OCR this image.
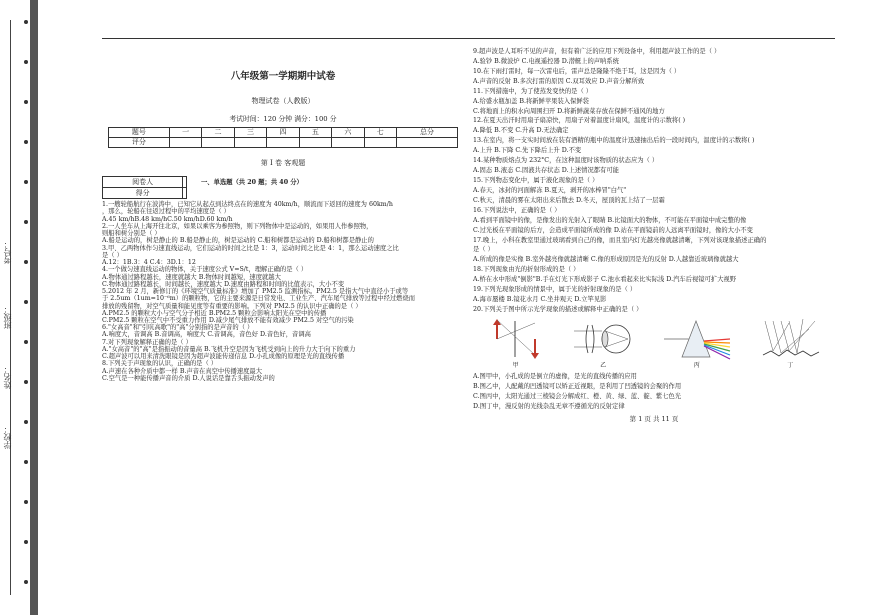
学校：
姓名：
班级：
考号：
八年级第一学期期中试卷
物理试卷（人教版）
考试时间：120 分钟 满分：100 分
题号	一	二	三	四	五	六	七	总分
评分								
第 I 卷 客观题
阅卷人	
得分	
一、单选题（共 20 题；共 40 分）
1.一艘轮船航行在波涛中，已知它从起点到达终点在的速度为 40km/h，顺流而下返回的速度为 60km/h
，那么，轮船在往返过程中的平均速度是（ ）
A.45 km/hB.48 km/hC.50 km/hD.60 km/h
2.一人坐车从上海开往北京，如果以乘客为参照物，则下列物体中是运动的，如果用人作参照物，
则船和树分别是（ ）
A.船是运动的，树是静止的 B.船是静止的，树是运动的 C.船和树都是运动的 D.船和树都是静止的
3.甲、乙两物体作匀速直线运动，它们运动的时间之比是 1：3，运动时间之比是 4：1，那么运动速度之比
是（ ）
A.12：1B.3：4 C.4：3D.1：12
4.一个做匀速直线运动的物体，关于速度公式 V=S/t，理解正确的是（ ）
A.物体通过路程越长，速度就越大 B.物体时间越短，速度就越大
C.物体通过路程越长，时间越长，速度越大 D.速度由路程和时间的比值表示，大小不变
5.2012 年 2 月，新修订的《环境空气质量标准》增加了 PM2.5 监测指标。PM2.5 是指大气中直径小于或等
于 2.5um（1um=10⁻⁶m）的颗粒物，它的主要来源是日常发电、工业生产、汽车尾气排放等过程中经过燃烧而
排放的残留物，对空气质量和能见度等有重要的影响。下列对 PM2.5 的认识中正确的是（ ）
A.PM2.5 的颗粒大小与空气分子相近 B.PM2.5 颗粒会影响太阳光在空中的传播
C.PM2.5 颗粒在空气中不受重力作用 D.减少尾气排放不能有效减少 PM2.5 对空气的污染
6."女高音"和"引吭高歌"的"高"分别指的是声音的（ ）
A.响度大，音调高 B.音调高，响度大 C.音调高，音色好 D.音色好，音调高
7.对下列现象解释正确的是（ ）
A."女高音"的"高"是指振动的音量高 B.飞机升空是因为飞机受到向上的升力大于向下的重力
C.超声波可以用来清洗眼镜是因为超声波能传递信息 D.小孔成像的原理是光的直线传播
8.下列关于声现象的认识，正确的是（ ）
A.声速在各种介质中都一样 B.声音在真空中传播速度最大
C.空气是一种能传播声音的介质 D.人说话是靠舌头振动发声的
9.超声波是人耳听不见的声音，但有着广泛的应用下列设备中，利用超声波工作的是（ ）
A.验钞 B.微波炉 C.电视遥控器 D.潜艇上的声呐系统
10.在下雨打雷时，每一次雷电后，雷声总是隆隆不绝于耳，这是因为（ ）
A.声音的反射 B.多次打雷的原因 C.双耳效应 D.声音分解所致
11.下列措施中，为了使蒸发变快的是（ ）
A.给盛水瓶加盖 B.将新鲜苹果装入保鲜袋
C.将地面上的积水向周围扫开 D.将新鲜蔬菜存放在保鲜不通风的地方
12.在夏天出汗时用扇子扇凉快，用扇子对着温度计扇风，温度计的示数将( )
A.降低 B.不变 C.升高 D.无法确定
13.在室内，将一支实时间放在装有酒精的瓶中的温度计迅速抽出后的一段时间内，温度计的示数将( )
A.上升 B.下降 C.先下降后上升 D.不变
14.某种物质熔点为 232°C，在这种温度时该物质的状态应为（ ）
A.固态 B.液态 C.固液共存状态 D.上述情况都有可能
15.下列物态变化中，属于液化现象的是（ ）
A.春天，冰封的河面解冻 B.夏天，剥开的冰棒冒"白气"
C.秋天，清晨的雾在太阳出来后散去 D.冬天，屋顶的瓦上结了一层霜
16.下列说法中，正确的是（ ）
A.看到平面镜中的像，是像发出的光射入了眼睛 B.比镜面大的物体，不可能在平面镜中成完整的像
C.过光板在平面镜的后方，会造成平面镜所成的像 D.站在平面镜前的人远离平面镜时，像的大小不变
17.晚上，小科在教室里通过玻璃看到自己的像，而且室内灯光越亮像就越清晰，下列对该现象描述正确的
是（ ）
A.所成的像是实像 B.室外越亮像就越清晰 C.像的形成原因是光的反射 D.人越靠近玻璃像就越大
18.下列现象由光的折射形成的是（ ）
A.桥在水中形成"倒影"B.手在灯光下形成影子 C.池水看起来比实际浅 D.汽车后视镜可扩大视野
19.下列光现象形成的情景中，属于光的折射现象的是（ ）
A.海市蜃楼 B.镜花水月 C.坐井观天 D.立竿见影
20.下列关于图中所示光学现象的描述或解释中正确的是（ ）
甲	乙	丙	丁
A.图甲中，小孔成的是倒立的虚像，是光的直线传播的应用
B.图乙中，人配戴的凹透镜可以矫正近视眼，是利用了凹透镜的会聚的作用
C.图丙中，太阳光通过三棱镜会分解成红、橙、黄、绿、蓝、靛、紫七色光
D.图丁中，漫反射的光线杂乱无章不遵循光的反射定律
第 1 页 共 11 页
